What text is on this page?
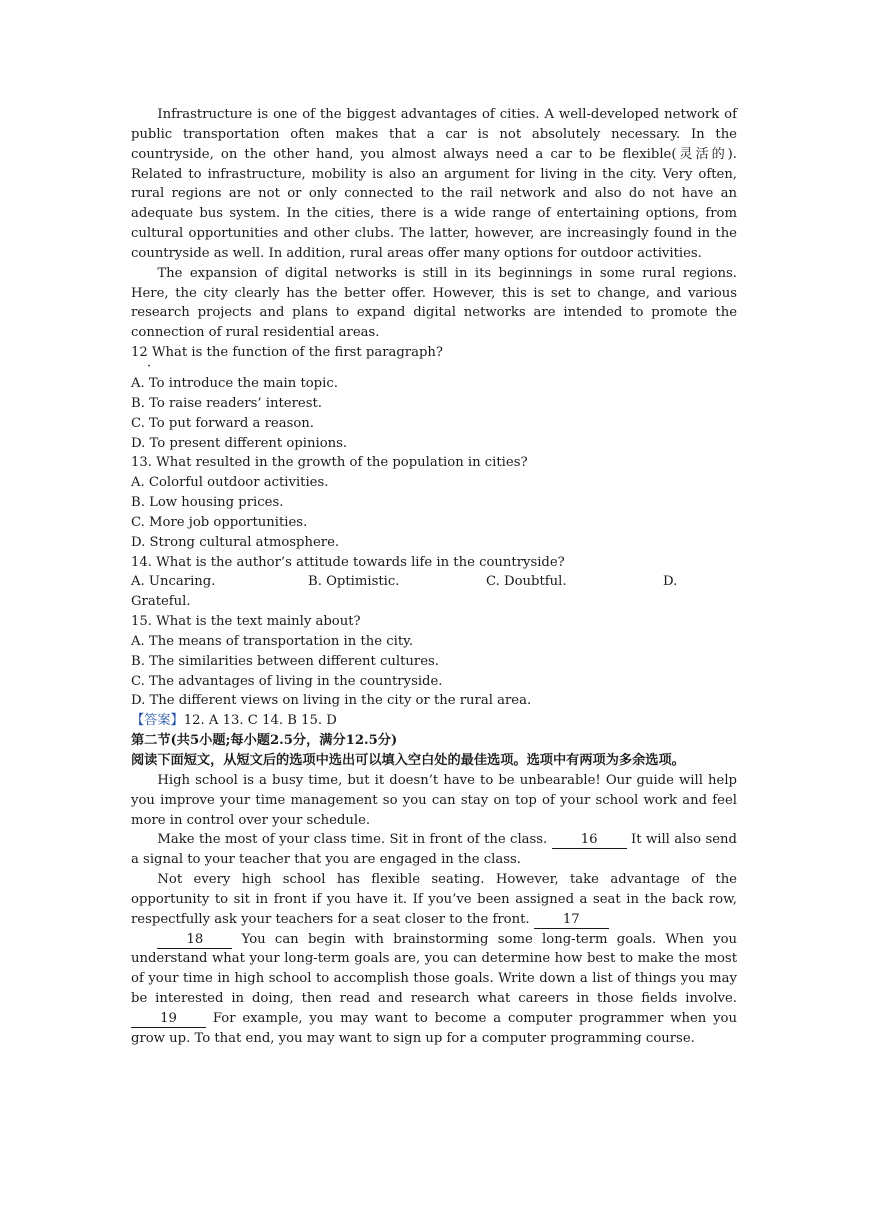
Infrastructure is one of the biggest advantages of cities. A well-developed network of public transportation often makes that a car is not absolutely necessary. In the countryside, on the other hand, you almost always need a car to be flexible(灵活的). Related to infrastructure, mobility is also an argument for living in the city. Very often, rural regions are not or only connected to the rail network and also do not have an adequate bus system. In the cities, there is a wide range of entertaining options, from cultural opportunities and other clubs. The latter, however, are increasingly found in the countryside as well. In addition, rural areas offer many options for outdoor activities.

The expansion of digital networks is still in its beginnings in some rural regions. Here, the city clearly has the better offer. However, this is set to change, and various research projects and plans to expand digital networks are intended to promote the connection of rural residential areas.

12 What is the function of the first paragraph?

·

A. To introduce the main topic.

B. To raise readers’ interest.

C. To put forward a reason.

D. To present different opinions.

13. What resulted in the growth of the population in cities?

A. Colorful outdoor activities.

B. Low housing prices.

C. More job opportunities.

D. Strong cultural atmosphere.

14. What is the author’s attitude towards life in the countryside?

A. Uncaring.	B. Optimistic.	C. Doubtful.	D.

Grateful.

15. What is the text mainly about?

A. The means of transportation in the city.

B. The similarities between different cultures.

C. The advantages of living in the countryside.

D. The different views on living in the city or the rural area.

【答案】12. A 13. C 14. B 15. D

第二节(共5小题;每小题2.5分，满分12.5分)

阅读下面短文，从短文后的选项中选出可以填入空白处的最佳选项。选项中有两项为多余选项。

High school is a busy time, but it doesn’t have to be unbearable! Our guide will help you improve your time management so you can stay on top of your school work and feel more in control over your schedule.

Make the most of your class time. Sit in front of the class. 16 It will also send a signal to your teacher that you are engaged in the class.

Not every high school has flexible seating. However, take advantage of the opportunity to sit in front if you have it. If you’ve been assigned a seat in the back row, respectfully ask your teachers for a seat closer to the front. 17

18 You can begin with brainstorming some long-term goals. When you understand what your long-term goals are, you can determine how best to make the most of your time in high school to accomplish those goals. Write down a list of things you may be interested in doing, then read and research what careers in those fields involve. 19 For example, you may want to become a computer programmer when you grow up. To that end, you may want to sign up for a computer programming course.
